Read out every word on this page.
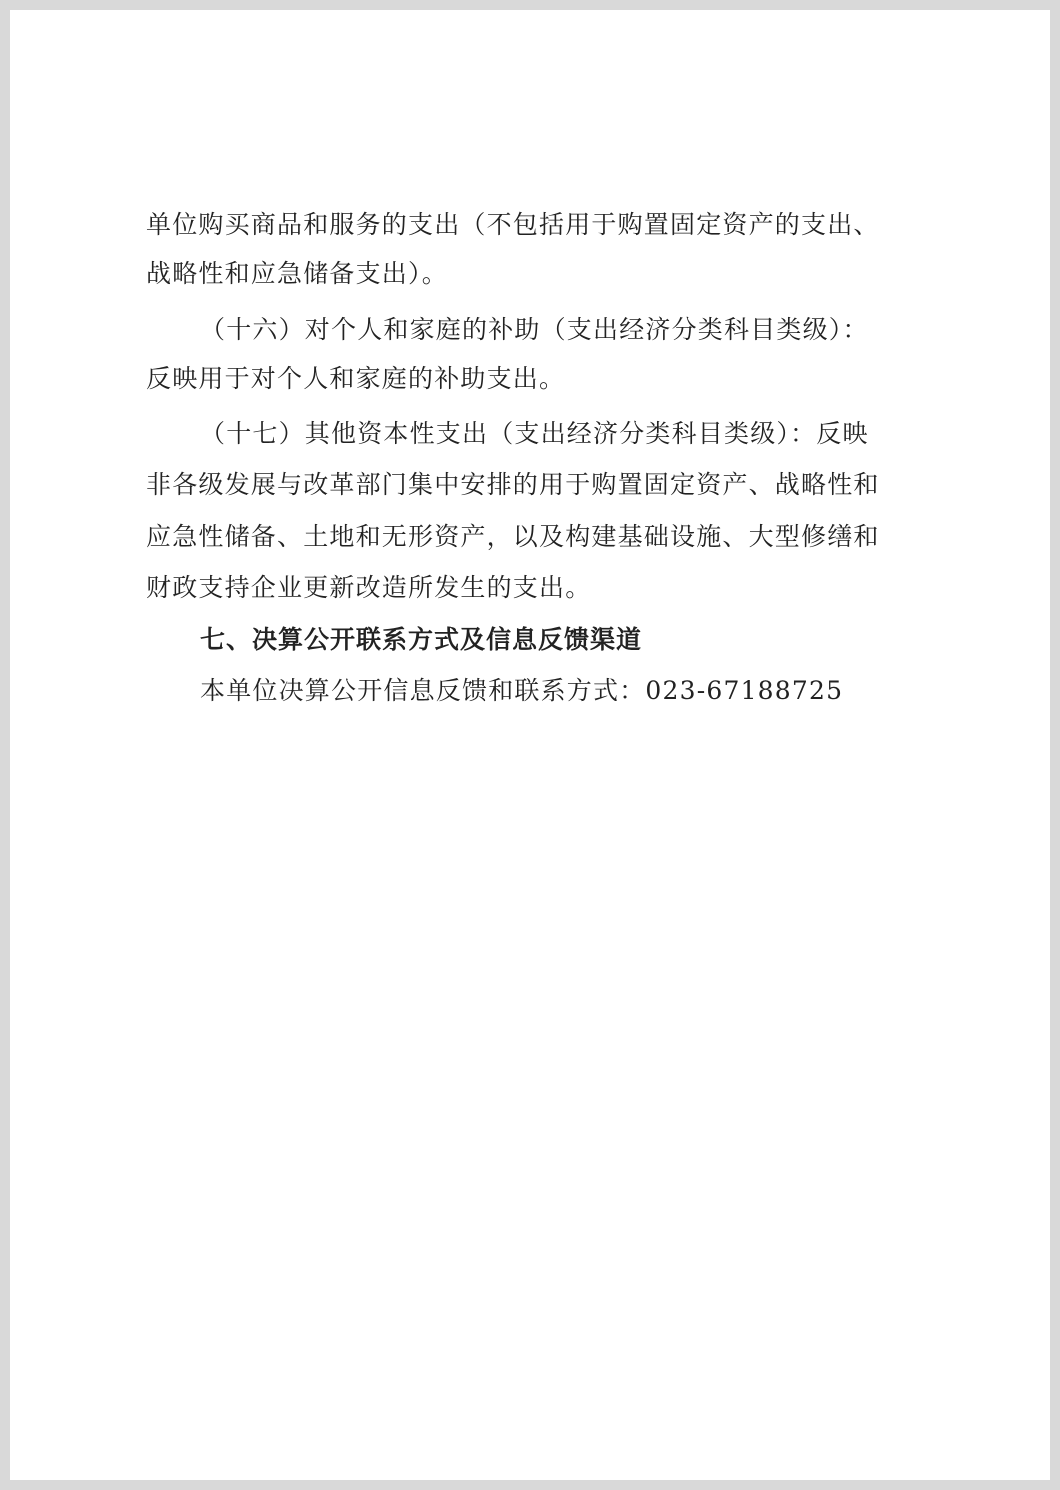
单位购买商品和服务的支出（不包括用于购置固定资产的支出、
战略性和应急储备支出）。
（十六）对个人和家庭的补助（支出经济分类科目类级）：
反映用于对个人和家庭的补助支出。
（十七）其他资本性支出（支出经济分类科目类级）：反映
非各级发展与改革部门集中安排的用于购置固定资产、战略性和
应急性储备、土地和无形资产，以及构建基础设施、大型修缮和
财政支持企业更新改造所发生的支出。
七、决算公开联系方式及信息反馈渠道
本单位决算公开信息反馈和联系方式：023-67188725
